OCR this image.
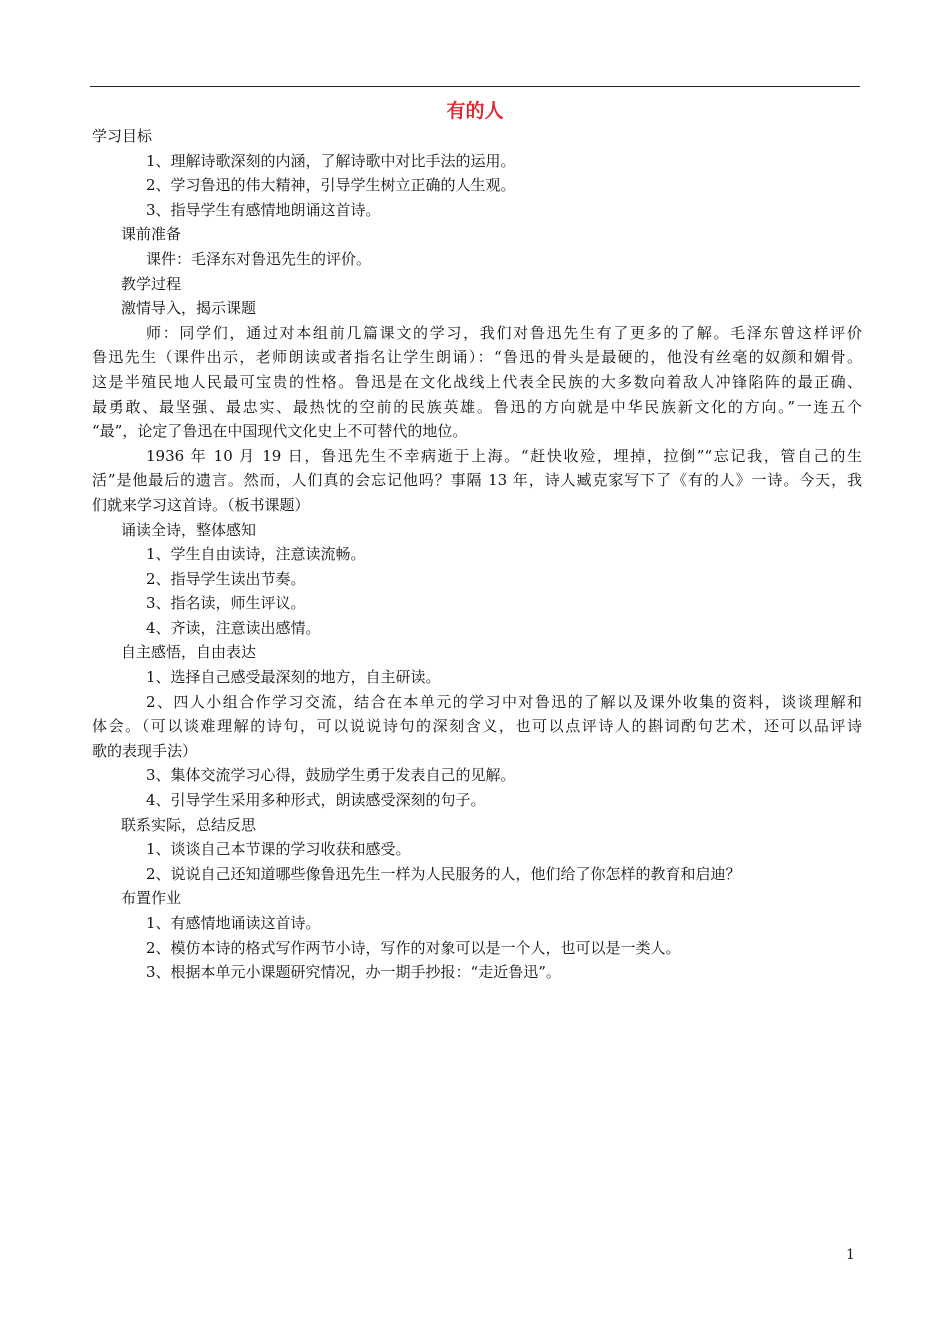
有的人
学习目标
1、理解诗歌深刻的内涵，了解诗歌中对比手法的运用。
2、学习鲁迅的伟大精神，引导学生树立正确的人生观。
3、指导学生有感情地朗诵这首诗。
课前准备
课件：毛泽东对鲁迅先生的评价。
教学过程
激情导入，揭示课题
师：同学们，通过对本组前几篇课文的学习，我们对鲁迅先生有了更多的了解。毛泽东曾这样评价
鲁迅先生（课件出示，老师朗读或者指名让学生朗诵）：“鲁迅的骨头是最硬的，他没有丝毫的奴颜和媚骨。
这是半殖民地人民最可宝贵的性格。鲁迅是在文化战线上代表全民族的大多数向着敌人冲锋陷阵的最正确、
最勇敢、最坚强、最忠实、最热忱的空前的民族英雄。鲁迅的方向就是中华民族新文化的方向。”一连五个
“最”，论定了鲁迅在中国现代文化史上不可替代的地位。
1936 年 10 月 19 日，鲁迅先生不幸病逝于上海。“赶快收殓，埋掉，拉倒”“忘记我，管自己的生
活”是他最后的遗言。然而，人们真的会忘记他吗？事隔 13 年，诗人臧克家写下了《有的人》一诗。今天，我
们就来学习这首诗。（板书课题）
诵读全诗，整体感知
1、学生自由读诗，注意读流畅。
2、指导学生读出节奏。
3、指名读，师生评议。
4、齐读，注意读出感情。
自主感悟，自由表达
1、选择自己感受最深刻的地方，自主研读。
2、四人小组合作学习交流，结合在本单元的学习中对鲁迅的了解以及课外收集的资料，谈谈理解和
体会。（可以谈难理解的诗句，可以说说诗句的深刻含义，也可以点评诗人的斟词酌句艺术，还可以品评诗
歌的表现手法）
3、集体交流学习心得，鼓励学生勇于发表自己的见解。
4、引导学生采用多种形式，朗读感受深刻的句子。
联系实际，总结反思
1、谈谈自己本节课的学习收获和感受。
2、说说自己还知道哪些像鲁迅先生一样为人民服务的人，他们给了你怎样的教育和启迪？
布置作业
1、有感情地诵读这首诗。
2、模仿本诗的格式写作两节小诗，写作的对象可以是一个人，也可以是一类人。
3、根据本单元小课题研究情况，办一期手抄报：“走近鲁迅”。
1
